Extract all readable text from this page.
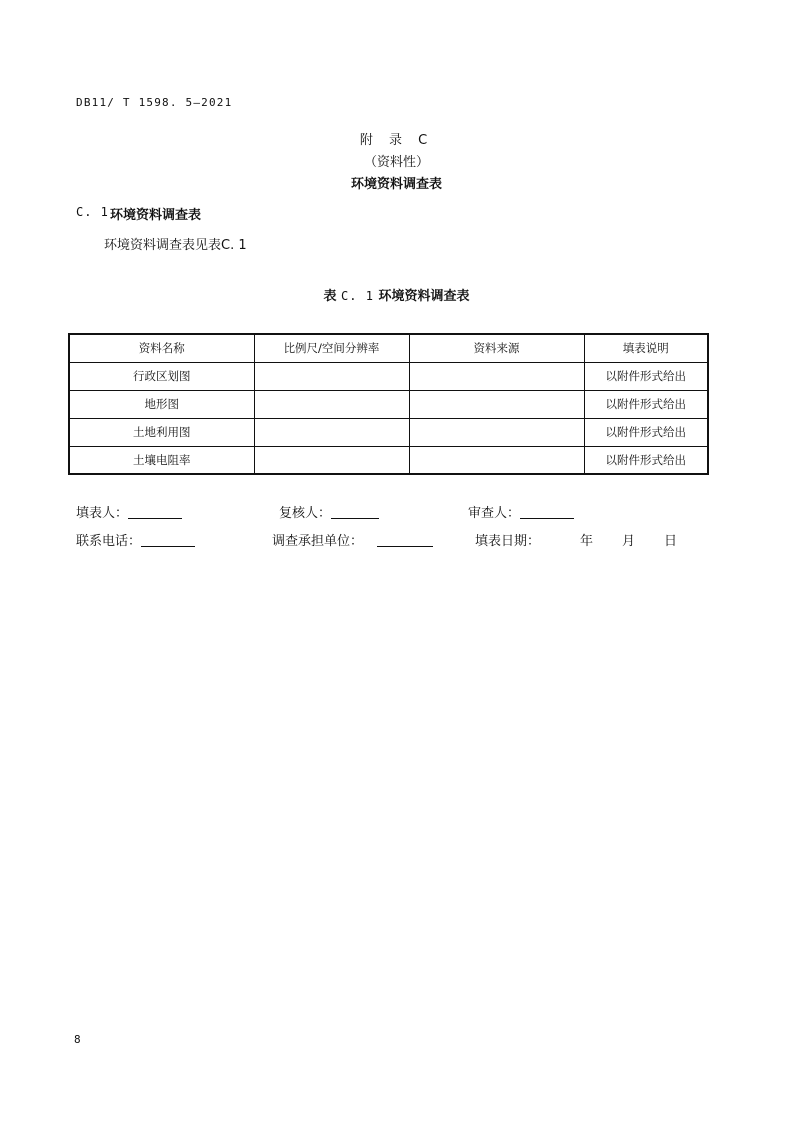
DB11/ T 1598. 5—2021
附 录 C
（资料性）
环境资料调查表
C. 1 环境资料调查表
环境资料调查表见表C. 1
表 C. 1 环境资料调查表
资料名称	比例尺/空间分辨率	资料来源	填表说明
行政区划图			以附件形式给出
地形图			以附件形式给出
土地利用图			以附件形式给出
土壤电阻率			以附件形式给出
填表人：	复核人：	审查人：
联系电话：	调查承担单位：	填表日期：	年 月 日
8
